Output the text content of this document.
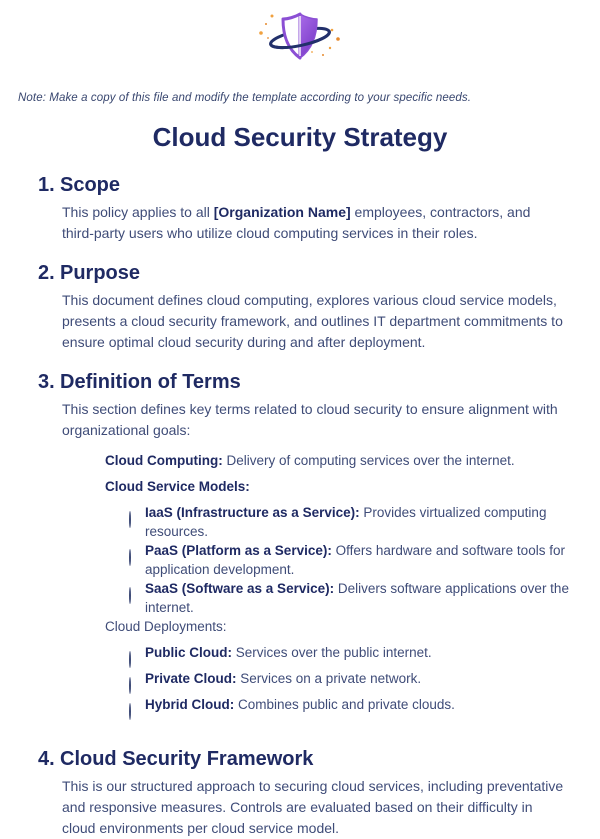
Note: Make a copy of this file and modify the template according to your specific needs.
Cloud Security Strategy
1. Scope

This policy applies to all [Organization Name] employees, contractors, and third-party users who utilize cloud computing services in their roles.

2. Purpose

This document defines cloud computing, explores various cloud service models, presents a cloud security framework, and outlines IT department commitments to ensure optimal cloud security during and after deployment.

3. Definition of Terms

This section defines key terms related to cloud security to ensure alignment with organizational goals:

Cloud Computing: Delivery of computing services over the internet.
Cloud Service Models:
IaaS (Infrastructure as a Service): Provides virtualized computing resources.
PaaS (Platform as a Service): Offers hardware and software tools for application development.
SaaS (Software as a Service): Delivers software applications over the internet.
Cloud Deployments:
Public Cloud: Services over the public internet.
Private Cloud: Services on a private network.
Hybrid Cloud: Combines public and private clouds.
4. Cloud Security Framework

This is our structured approach to securing cloud services, including preventative and responsive measures. Controls are evaluated based on their difficulty in cloud environments per cloud service model.
